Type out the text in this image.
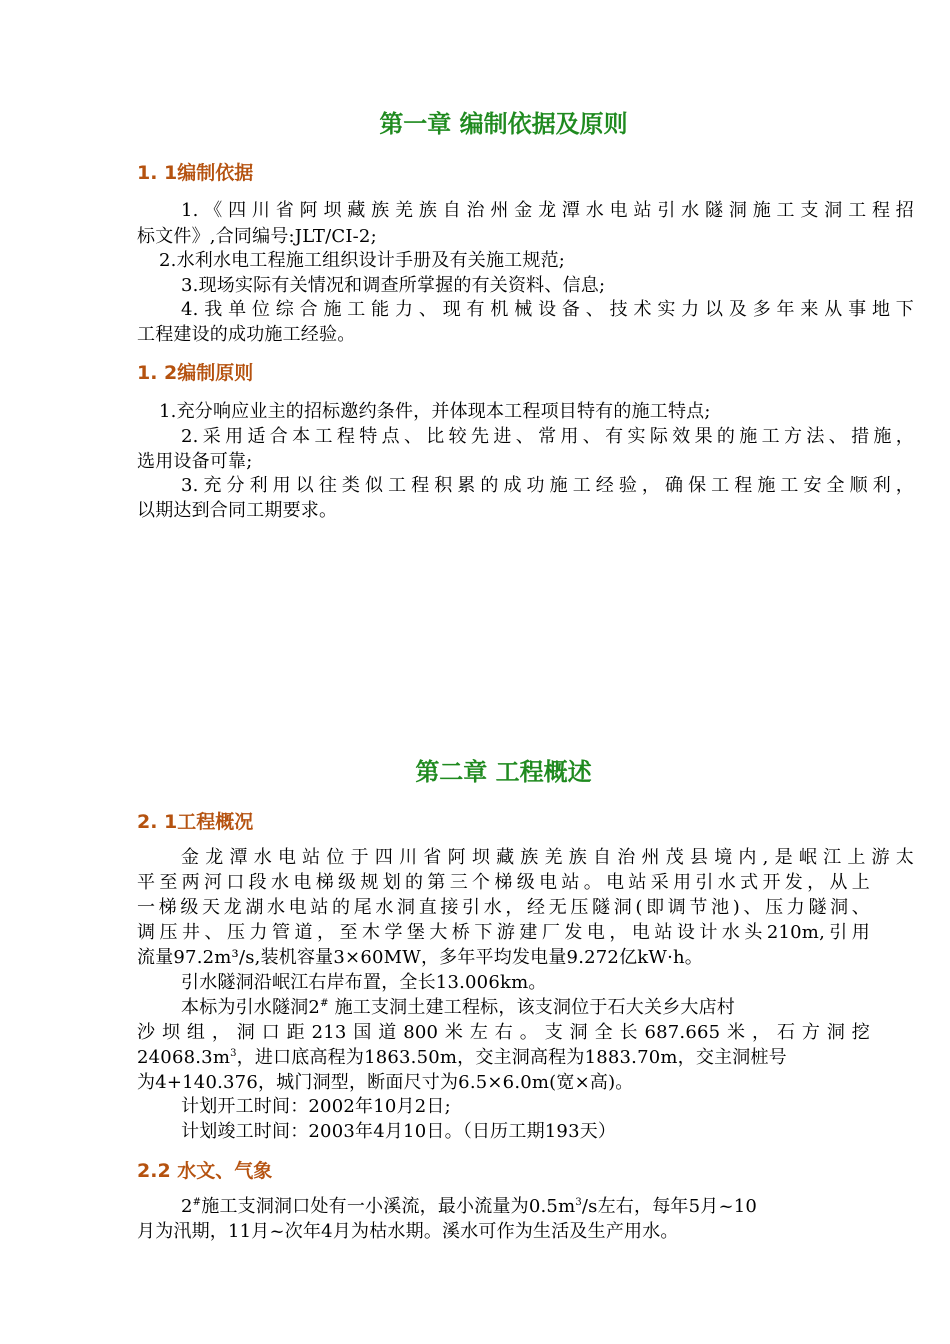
第一章 编制依据及原则
1. 1编制依据
1.《四川省阿坝藏族羌族自治州金龙潭水电站引水隧洞施工支洞工程招
标文件》,合同编号:JLT/CⅠ-2;
2.水利水电工程施工组织设计手册及有关施工规范;
3.现场实际有关情况和调查所掌握的有关资料、信息;
4.我单位综合施工能力、现有机械设备、技术实力以及多年来从事地下
工程建设的成功施工经验。
1. 2编制原则
1.充分响应业主的招标邀约条件，并体现本工程项目特有的施工特点;
2.采用适合本工程特点、比较先进、常用、有实际效果的施工方法、措施，
选用设备可靠;
3.充分利用以往类似工程积累的成功施工经验，确保工程施工安全顺利，
以期达到合同工期要求。
第二章 工程概述
2. 1工程概况
金龙潭水电站位于四川省阿坝藏族羌族自治州茂县境内,是岷江上游太
平至两河口段水电梯级规划的第三个梯级电站。电站采用引水式开发，从上
一梯级天龙湖水电站的尾水洞直接引水，经无压隧洞(即调节池)、压力隧洞、
调压井、压力管道，至木学堡大桥下游建厂发电，电站设计水头210m,引用
流量97.2m³/s,装机容量3×60MW，多年平均发电量9.272亿kW·h。
引水隧洞沿岷江右岸布置，全长13.006km。
本标为引水隧洞2# 施工支洞土建工程标，该支洞位于石大关乡大店村
沙坝组，洞口距213国道800米左右。支洞全长687.665米，石方洞挖
$24068.3m^3$，进口底高程为1863.50m，交主洞高程为1883.70m，交主洞桩号
为4+140.376，城门洞型，断面尺寸为6.5×6.0m(宽×高)。
计划开工时间：2002年10月2日;
计划竣工时间：2003年4月10日。（日历工期193天）
2.2 水文、气象
2#施工支洞洞口处有一小溪流，最小流量为$0.5m^3/s$左右，每年5月~10
月为汛期，11月~次年4月为枯水期。溪水可作为生活及生产用水。
